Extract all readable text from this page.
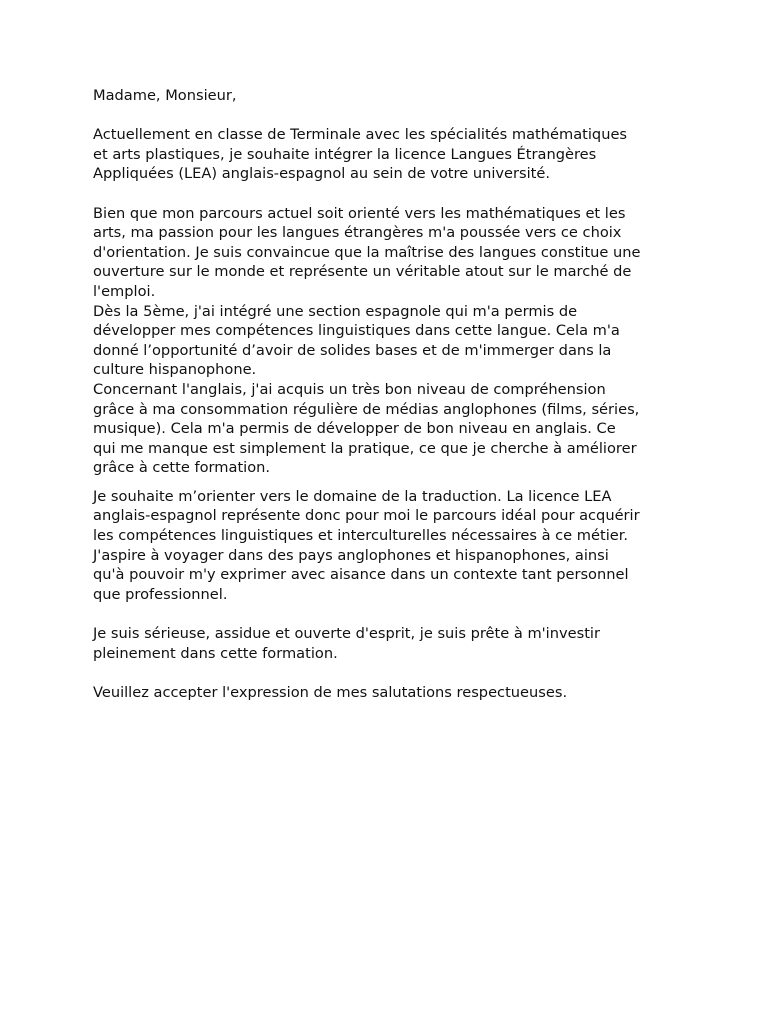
Madame, Monsieur,

Actuellement en classe de Terminale avec les spécialités mathématiques
et arts plastiques, je souhaite intégrer la licence Langues Étrangères
Appliquées (LEA) anglais-espagnol au sein de votre université.

Bien que mon parcours actuel soit orienté vers les mathématiques et les
arts, ma passion pour les langues étrangères m'a poussée vers ce choix
d'orientation. Je suis convaincue que la maîtrise des langues constitue une
ouverture sur le monde et représente un véritable atout sur le marché de
l'emploi.

Dès la 5ème, j'ai intégré une section espagnole qui m'a permis de
développer mes compétences linguistiques dans cette langue. Cela m'a
donné l’opportunité d’avoir de solides bases et de m'immerger dans la
culture hispanophone.

Concernant l'anglais, j'ai acquis un très bon niveau de compréhension
grâce à ma consommation régulière de médias anglophones (films, séries,
musique). Cela m'a permis de développer de bon niveau en anglais. Ce
qui me manque est simplement la pratique, ce que je cherche à améliorer
grâce à cette formation.

Je souhaite m’orienter vers le domaine de la traduction. La licence LEA
anglais-espagnol représente donc pour moi le parcours idéal pour acquérir
les compétences linguistiques et interculturelles nécessaires à ce métier.
J'aspire à voyager dans des pays anglophones et hispanophones, ainsi
qu'à pouvoir m'y exprimer avec aisance dans un contexte tant personnel
que professionnel.

Je suis sérieuse, assidue et ouverte d'esprit, je suis prête à m'investir
pleinement dans cette formation.

Veuillez accepter l'expression de mes salutations respectueuses.
